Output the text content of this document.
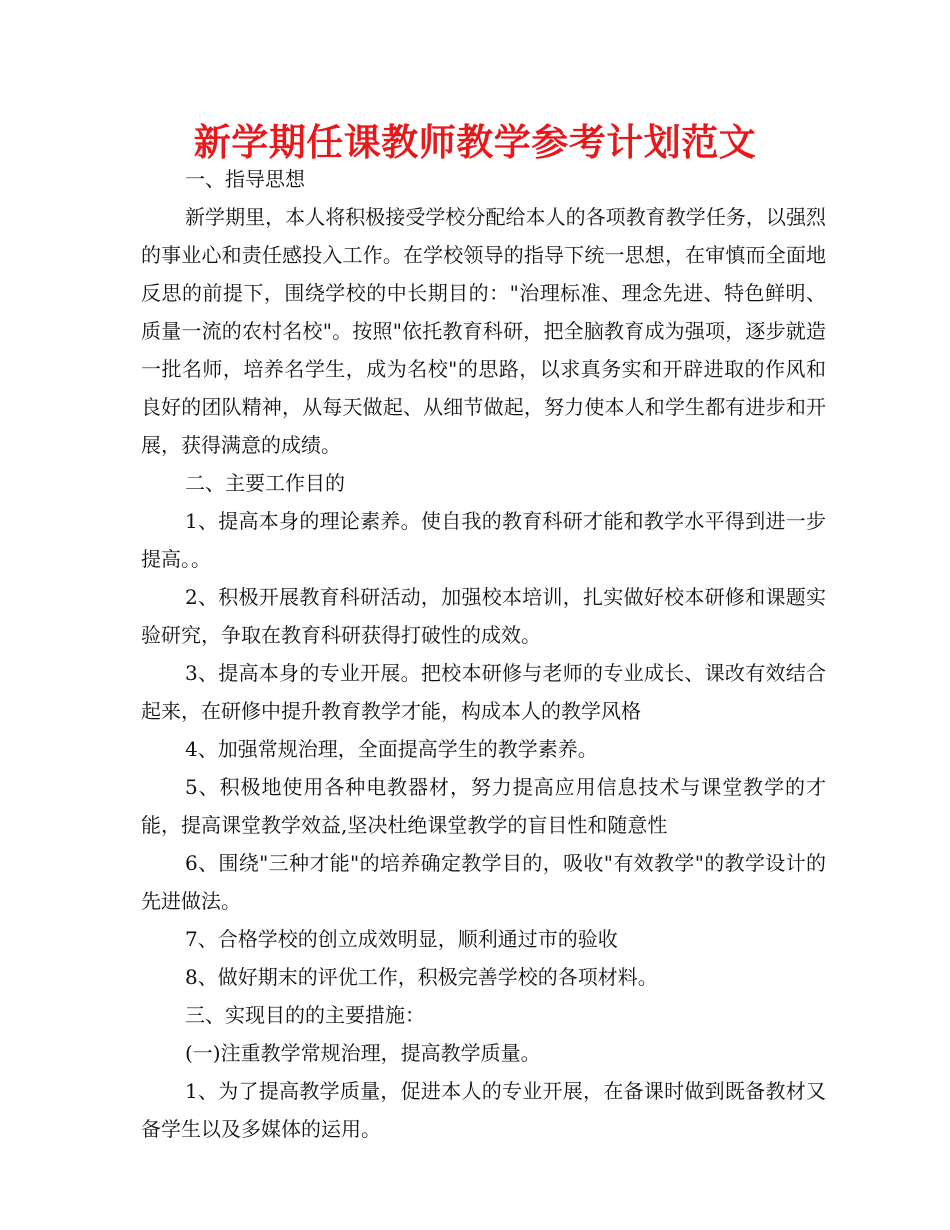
新学期任课教师教学参考计划范文

一、指导思想

新学期里，本人将积极接受学校分配给本人的各项教育教学任务，以强烈的事业心和责任感投入工作。在学校领导的指导下统一思想，在审慎而全面地反思的前提下，围绕学校的中长期目的："治理标准、理念先进、特色鲜明、质量一流的农村名校"。按照"依托教育科研，把全脑教育成为强项，逐步就造一批名师，培养名学生，成为名校"的思路，以求真务实和开辟进取的作风和良好的团队精神，从每天做起、从细节做起，努力使本人和学生都有进步和开展，获得满意的成绩。

二、主要工作目的

1、提高本身的理论素养。使自我的教育科研才能和教学水平得到进一步提高。。

2、积极开展教育科研活动，加强校本培训，扎实做好校本研修和课题实验研究，争取在教育科研获得打破性的成效。

3、提高本身的专业开展。把校本研修与老师的专业成长、课改有效结合起来，在研修中提升教育教学才能，构成本人的教学风格

4、加强常规治理，全面提高学生的教学素养。

5、积极地使用各种电教器材，努力提高应用信息技术与课堂教学的才能，提高课堂教学效益,坚决杜绝课堂教学的盲目性和随意性

6、围绕"三种才能"的培养确定教学目的，吸收"有效教学"的教学设计的先进做法。

7、合格学校的创立成效明显，顺利通过市的验收

8、做好期末的评优工作，积极完善学校的各项材料。

三、实现目的的主要措施：

(一)注重教学常规治理，提高教学质量。

1、为了提高教学质量，促进本人的专业开展，在备课时做到既备教材又备学生以及多媒体的运用。
